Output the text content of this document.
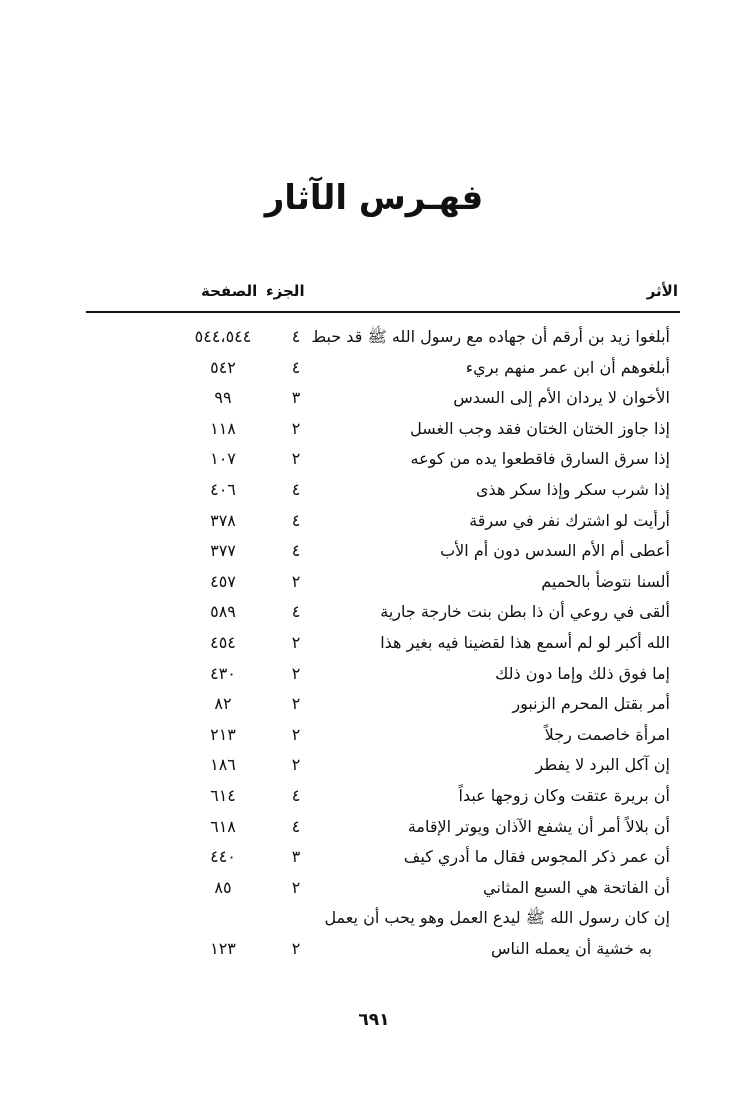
فهـرس الآثار
الأثر
الجزء
الصفحة
أبلغوا زيد بن أرقم أن جهاده مع رسول الله ﷺ قد حبط
٤
٥٤٤،٥٤٤
أبلغوهم أن ابن عمر منهم بريء
٤
٥٤٢
الأخوان لا يردان الأم إلى السدس
٣
٩٩
إذا جاوز الختان الختان فقد وجب الغسل
٢
١١٨
إذا سرق السارق فاقطعوا يده من كوعه
٢
١٠٧
إذا شرب سكر وإذا سكر هذى
٤
٤٠٦
أرأيت لو اشترك نفر في سرقة
٤
٣٧٨
أعطى أم الأم السدس دون أم الأب
٤
٣٧٧
ألسنا نتوضأ بالحميم
٢
٤٥٧
ألقى في روعي أن ذا بطن بنت خارجة جارية
٤
٥٨٩
الله أكبر لو لم أسمع هذا لقضينا فيه بغير هذا
٢
٤٥٤
إما فوق ذلك وإما دون ذلك
٢
٤٣٠
أمر بقتل المحرم الزنبور
٢
٨٢
امرأة خاصمت رجلاً
٢
٢١٣
إن آكل البرد لا يفطر
٢
١٨٦
أن بريرة عتقت وكان زوجها عبداً
٤
٦١٤
أن بلالاً أمر أن يشفع الآذان ويوتر الإقامة
٤
٦١٨
أن عمر ذكر المجوس فقال ما أدري كيف
٣
٤٤٠
أن الفاتحة هي السبع المثاني
٢
٨٥
إن كان رسول الله ﷺ ليدع العمل وهو يحب أن يعمل
به خشية أن يعمله الناس
٢
١٢٣
٦٩١
